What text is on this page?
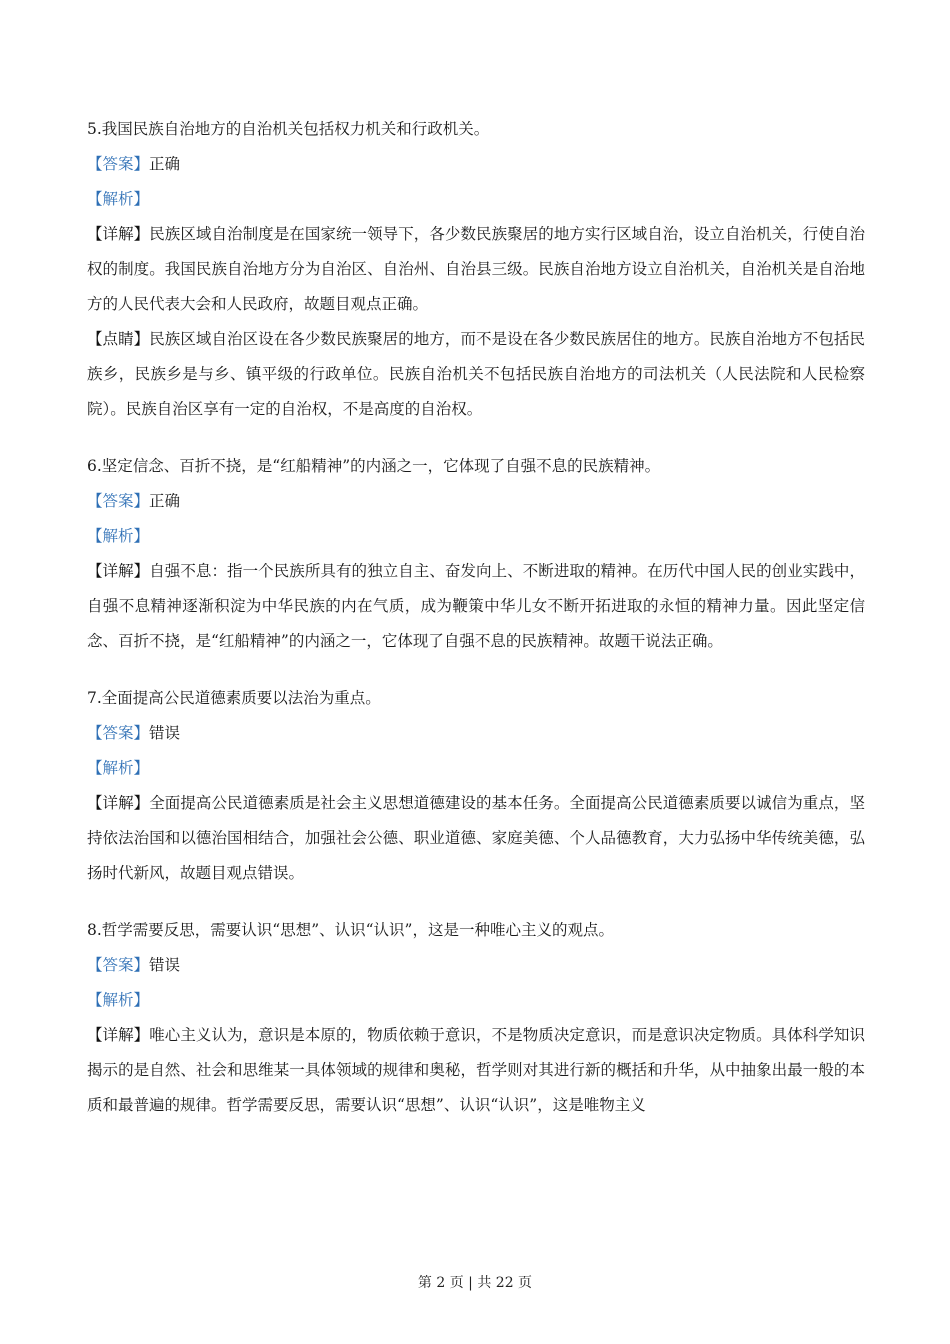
5.我国民族自治地方的自治机关包括权力机关和行政机关。

【答案】正确

【解析】

【详解】民族区域自治制度是在国家统一领导下，各少数民族聚居的地方实行区域自治，设立自治机关，行使自治权的制度。我国民族自治地方分为自治区、自治州、自治县三级。民族自治地方设立自治机关，自治机关是自治地方的人民代表大会和人民政府，故题目观点正确。

【点睛】民族区域自治区设在各少数民族聚居的地方，而不是设在各少数民族居住的地方。民族自治地方不包括民族乡，民族乡是与乡、镇平级的行政单位。民族自治机关不包括民族自治地方的司法机关（人民法院和人民检察院）。民族自治区享有一定的自治权，不是高度的自治权。

6.坚定信念、百折不挠，是“红船精神”的内涵之一，它体现了自强不息的民族精神。

【答案】正确

【解析】

【详解】自强不息：指一个民族所具有的独立自主、奋发向上、不断进取的精神。在历代中国人民的创业实践中，自强不息精神逐渐积淀为中华民族的内在气质，成为鞭策中华儿女不断开拓进取的永恒的精神力量。因此坚定信念、百折不挠，是“红船精神”的内涵之一，它体现了自强不息的民族精神。故题干说法正确。

7.全面提高公民道德素质要以法治为重点。

【答案】错误

【解析】

【详解】全面提高公民道德素质是社会主义思想道德建设的基本任务。全面提高公民道德素质要以诚信为重点，坚持依法治国和以德治国相结合，加强社会公德、职业道德、家庭美德、个人品德教育，大力弘扬中华传统美德，弘扬时代新风，故题目观点错误。

8.哲学需要反思，需要认识“思想”、认识“认识”，这是一种唯心主义的观点。

【答案】错误

【解析】

【详解】唯心主义认为，意识是本原的，物质依赖于意识，不是物质决定意识，而是意识决定物质。具体科学知识揭示的是自然、社会和思维某一具体领域的规律和奥秘，哲学则对其进行新的概括和升华，从中抽象出最一般的本质和最普遍的规律。哲学需要反思，需要认识“思想”、认识“认识”，这是唯物主义

第 2 页 | 共 22 页
